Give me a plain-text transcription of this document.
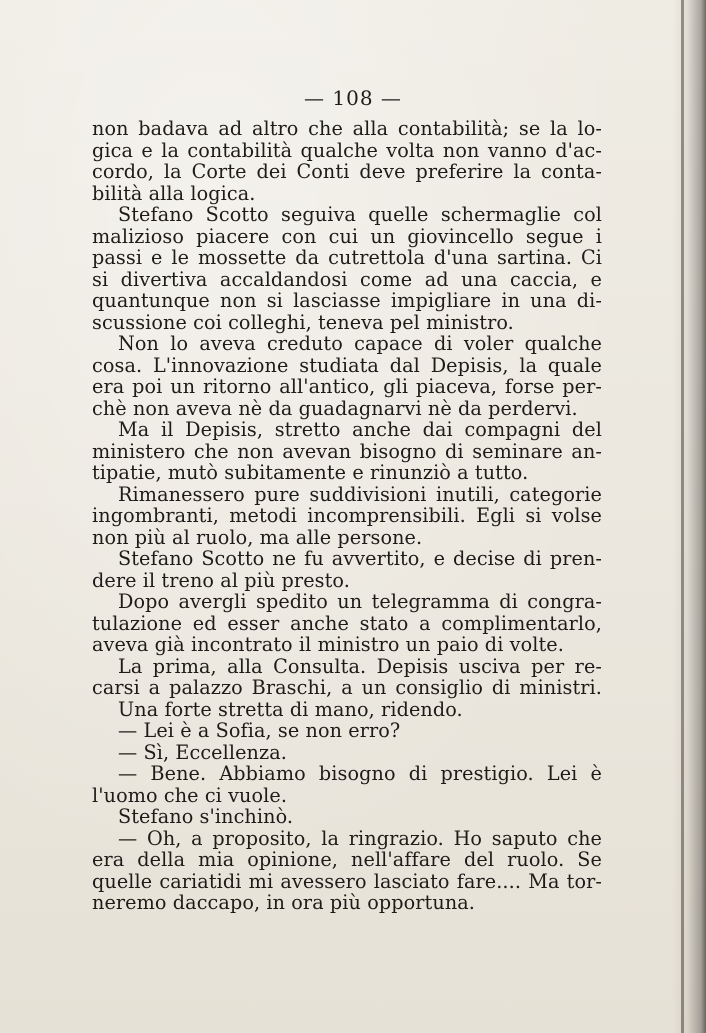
— 108 —
non badava ad altro che alla contabilità; se la lo-
gica e la contabilità qualche volta non vanno d'ac-
cordo, la Corte dei Conti deve preferire la conta-
bilità alla logica.
Stefano Scotto seguiva quelle schermaglie col
malizioso piacere con cui un giovincello segue i
passi e le mossette da cutrettola d'una sartina. Ci
si divertiva accaldandosi come ad una caccia, e
quantunque non si lasciasse impigliare in una di-
scussione coi colleghi, teneva pel ministro.
Non lo aveva creduto capace di voler qualche
cosa. L'innovazione studiata dal Depisis, la quale
era poi un ritorno all'antico, gli piaceva, forse per-
chè non aveva nè da guadagnarvi nè da perdervi.
Ma il Depisis, stretto anche dai compagni del
ministero che non avevan bisogno di seminare an-
tipatie, mutò subitamente e rinunziò a tutto.
Rimanessero pure suddivisioni inutili, categorie
ingombranti, metodi incomprensibili. Egli si volse
non più al ruolo, ma alle persone.
Stefano Scotto ne fu avvertito, e decise di pren-
dere il treno al più presto.
Dopo avergli spedito un telegramma di congra-
tulazione ed esser anche stato a complimentarlo,
aveva già incontrato il ministro un paio di volte.
La prima, alla Consulta. Depisis usciva per re-
carsi a palazzo Braschi, a un consiglio di ministri.
Una forte stretta di mano, ridendo.
— Lei è a Sofia, se non erro?
— Sì, Eccellenza.
— Bene. Abbiamo bisogno di prestigio. Lei è
l'uomo che ci vuole.
Stefano s'inchinò.
— Oh, a proposito, la ringrazio. Ho saputo che
era della mia opinione, nell'affare del ruolo. Se
quelle cariatidi mi avessero lasciato fare.... Ma tor-
neremo daccapo, in ora più opportuna.
